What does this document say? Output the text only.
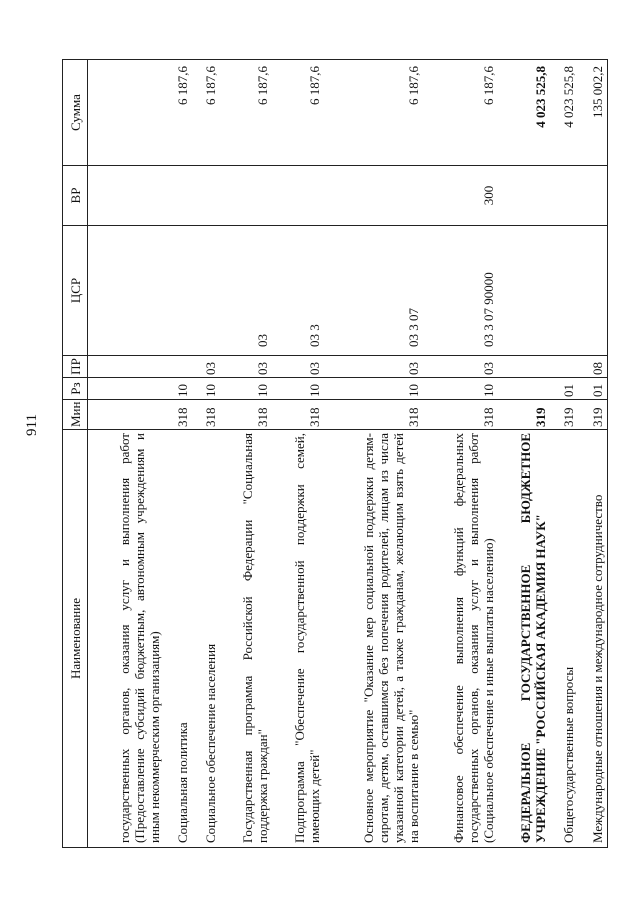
911
Наименование	Мин	Рз	ПР	ЦСР	ВР	Сумма
государственных органов, оказания услуг и выполнения работ (Предоставление субсидий бюджетным, автономным учреждениям и иным некоммерческим организациям)						
Социальная политика	318	10				6 187,6
Социальное обеспечение населения	318	10	03			6 187,6
Государственная программа Российской Федерации "Социальная поддержка граждан"	318	10	03	03		6 187,6
Подпрограмма "Обеспечение государственной поддержки семей, имеющих детей"	318	10	03	03 3		6 187,6
Основное мероприятие "Оказание мер социальной поддержки детям-сиротам, детям, оставшимся без попечения родителей, лицам из числа указанной категории детей, а также гражданам, желающим взять детей на воспитание в семью"	318	10	03	03 3 07		6 187,6
Финансовое обеспечение выполнения функций федеральных государственных органов, оказания услуг и выполнения работ (Социальное обеспечение и иные выплаты населению)	318	10	03	03 3 07 90000	300	6 187,6
ФЕДЕРАЛЬНОЕ ГОСУДАРСТВЕННОЕ БЮДЖЕТНОЕ УЧРЕЖДЕНИЕ "РОССИЙСКАЯ АКАДЕМИЯ НАУК"	319					4 023 525,8
Общегосударственные вопросы	319	01				4 023 525,8
Международные отношения и международное сотрудничество	319	01	08			135 002,2
